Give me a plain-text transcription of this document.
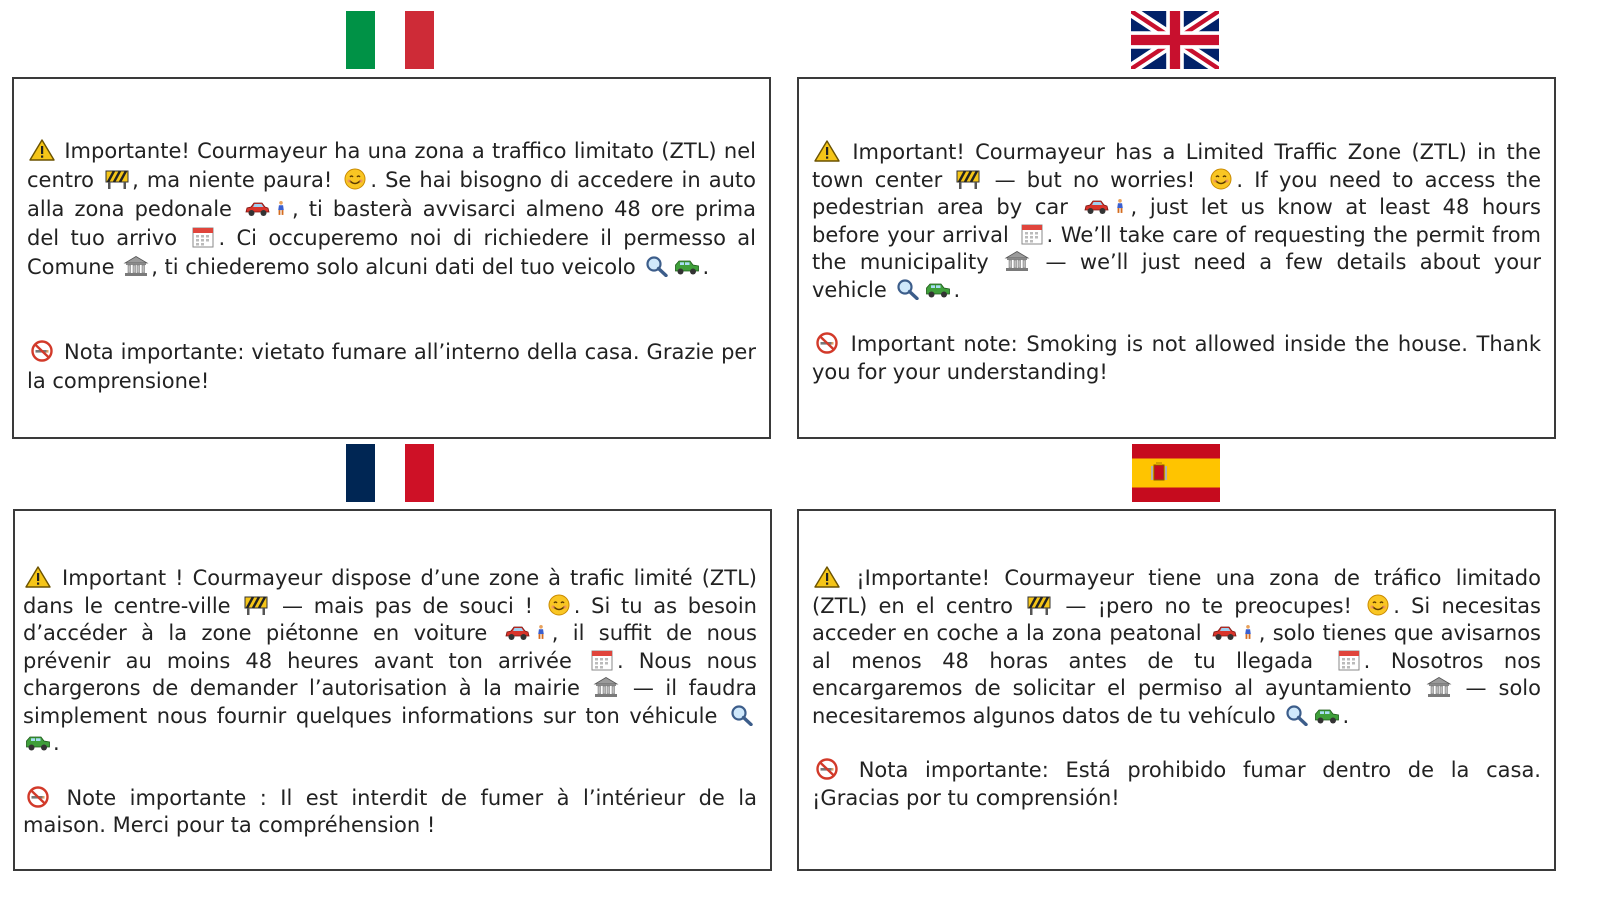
Importante! Courmayeur ha una zona a traffico limitato (ZTL) nel centro , ma niente paura! . Se hai bisogno di accedere in auto alla zona pedonale	, ti basterà avvisarci almeno 48 ore prima del tuo arrivo . Ci occuperemo noi di richiedere il permesso al Comune , ti chiederemo solo alcuni dati del tuo veicolo	.

Nota importante: vietato fumare all’interno della casa. Grazie per la comprensione!

Important! Courmayeur has a Limited Traffic Zone (ZTL) in the town center — but no worries! . If you need to access the pedestrian area by car	, just let us know at least 48 hours before your arrival . We’ll take care of requesting the permit from the municipality	— we’ll just need a few details about your vehicle	.

Important note: Smoking is not allowed inside the house. Thank you for your understanding!

Important ! Courmayeur dispose d’une zone à trafic limité (ZTL) dans le centre-ville — mais pas de souci ! . Si tu as besoin d’accéder à la zone piétonne en voiture	, il suffit de nous prévenir au moins 48 heures avant ton arrivée . Nous nous chargerons de demander l’autorisation à la mairie	— il faudra simplement nous fournir quelques informations sur ton véhicule
.

Note importante : Il est interdit de fumer à l’intérieur de la maison. Merci pour ta compréhension !

¡Importante! Courmayeur tiene una zona de tráfico limitado (ZTL) en el centro — ¡pero no te preocupes! . Si necesitas acceder en coche a la zona peatonal	, solo tienes que avisarnos al menos 48 horas antes de tu llegada . Nosotros nos encargaremos de solicitar el permiso al ayuntamiento	— solo necesitaremos algunos datos de tu vehículo	.

Nota importante: Está prohibido fumar dentro de la casa. ¡Gracias por tu comprensión!
